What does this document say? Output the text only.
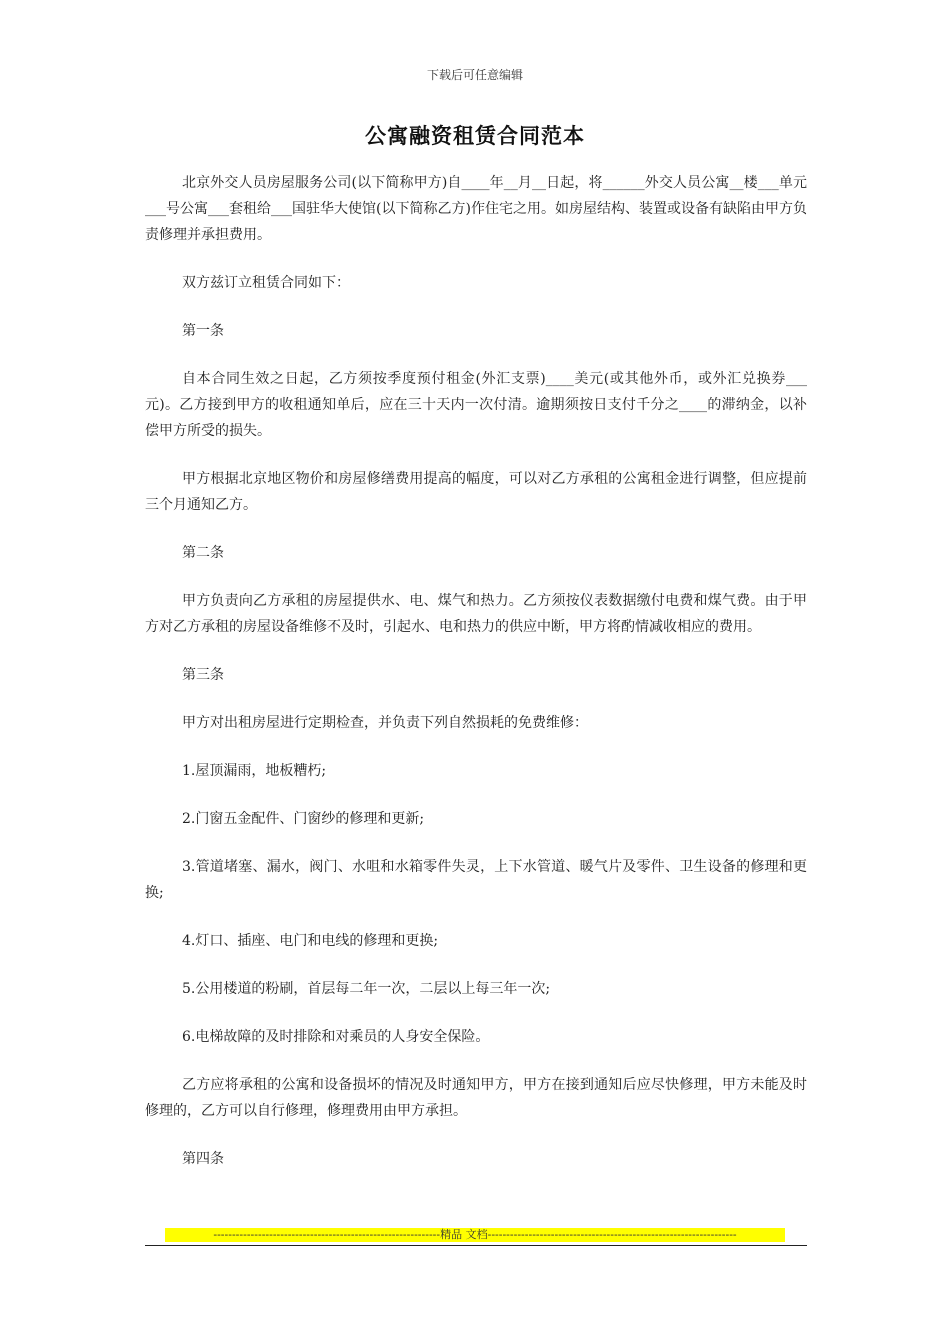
下载后可任意编辑
公寓融资租赁合同范本

北京外交人员房屋服务公司(以下简称甲方)自____年__月__日起，将______外交人员公寓__楼___单元___号公寓___套租给___国驻华大使馆(以下简称乙方)作住宅之用。如房屋结构、装置或设备有缺陷由甲方负责修理并承担费用。

双方兹订立租赁合同如下：

第一条

自本合同生效之日起，乙方须按季度预付租金(外汇支票)____美元(或其他外币，或外汇兑换券___元)。乙方接到甲方的收租通知单后，应在三十天内一次付清。逾期须按日支付千分之____的滞纳金，以补偿甲方所受的损失。

甲方根据北京地区物价和房屋修缮费用提高的幅度，可以对乙方承租的公寓租金进行调整，但应提前三个月通知乙方。

第二条

甲方负责向乙方承租的房屋提供水、电、煤气和热力。乙方须按仪表数据缴付电费和煤气费。由于甲方对乙方承租的房屋设备维修不及时，引起水、电和热力的供应中断，甲方将酌情减收相应的费用。

第三条

甲方对出租房屋进行定期检查，并负责下列自然损耗的免费维修：

1.屋顶漏雨，地板糟朽;

2.门窗五金配件、门窗纱的修理和更新;

3.管道堵塞、漏水，阀门、水咀和水箱零件失灵，上下水管道、暖气片及零件、卫生设备的修理和更换;

4.灯口、插座、电门和电线的修理和更换;

5.公用楼道的粉刷，首层每二年一次，二层以上每三年一次;

6.电梯故障的及时排除和对乘员的人身安全保险。

乙方应将承租的公寓和设备损坏的情况及时通知甲方，甲方在接到通知后应尽快修理，甲方未能及时修理的，乙方可以自行修理，修理费用由甲方承担。

第四条

-------------------------------------------------------------精品 文档-------------------------------------------------------------------
